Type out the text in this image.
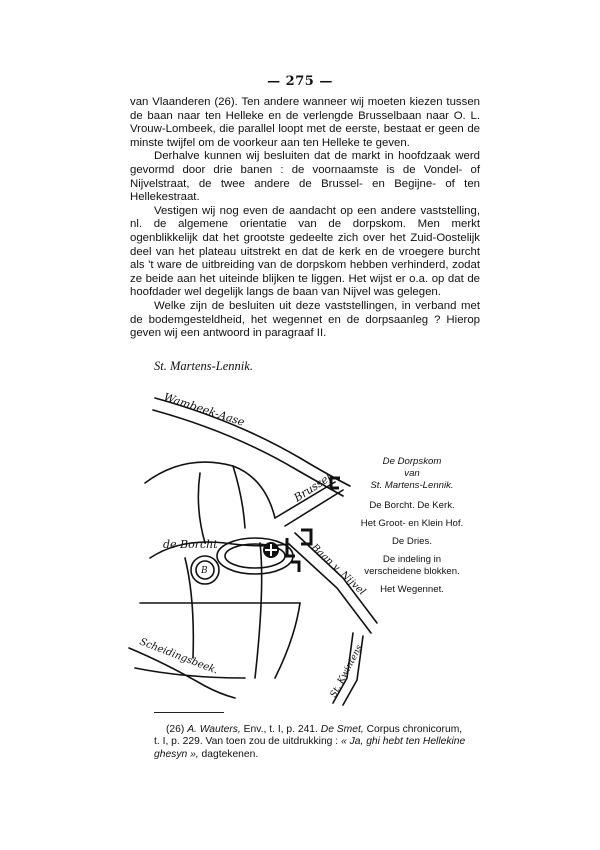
— 275 —

van Vlaanderen (26). Ten andere wanneer wij moeten kiezen tussen de baan naar ten Helleke en de verlengde Brusselbaan naar O. L. Vrouw-Lombeek, die parallel loopt met de eerste, bestaat er geen de minste twijfel om de voorkeur aan ten Helleke te geven.

Derhalve kunnen wij besluiten dat de markt in hoofdzaak werd gevormd door drie banen : de voornaamste is de Vondel- of Nijvelstraat, de twee andere de Brussel- en Begijne- of ten Hellekestraat.

Vestigen wij nog even de aandacht op een andere vaststelling, nl. de algemene orientatie van de dorpskom. Men merkt ogenblikkelijk dat het grootste gedeelte zich over het Zuid-Oostelijk deel van het plateau uitstrekt en dat de kerk en de vroegere burcht als 't ware de uitbreiding van de dorpskom hebben verhinderd, zodat ze beide aan het uiteinde blijken te liggen. Het wijst er o.a. op dat de hoofdader wel degelijk langs de baan van Nijvel was gelegen.

Welke zijn de besluiten uit deze vaststellingen, in verband met de bodemgesteldheid, het wegennet en de dorpsaanleg ? Hierop geven wij een antwoord in paragraaf II.

St. Martens-Lennik.
Wambeek-Aase
Brussel
de Borcht
B	Baan v. Nijvel
Scheidingsbeek.	St. Kwintens
De Dorpskom
van
St. Martens-Lennik.
De Borcht. De Kerk.
Het Groot- en Klein Hof.
De Dries.
De indeling in
verscheidene blokken.
Het Wegennet.
(26) A. Wauters, Env., t. I, p. 241. De Smet, Corpus chronicorum, t. I, p. 229. Van toen zou de uitdrukking : « Ja, ghi hebt ten Hellekine ghesyn », dagtekenen.
